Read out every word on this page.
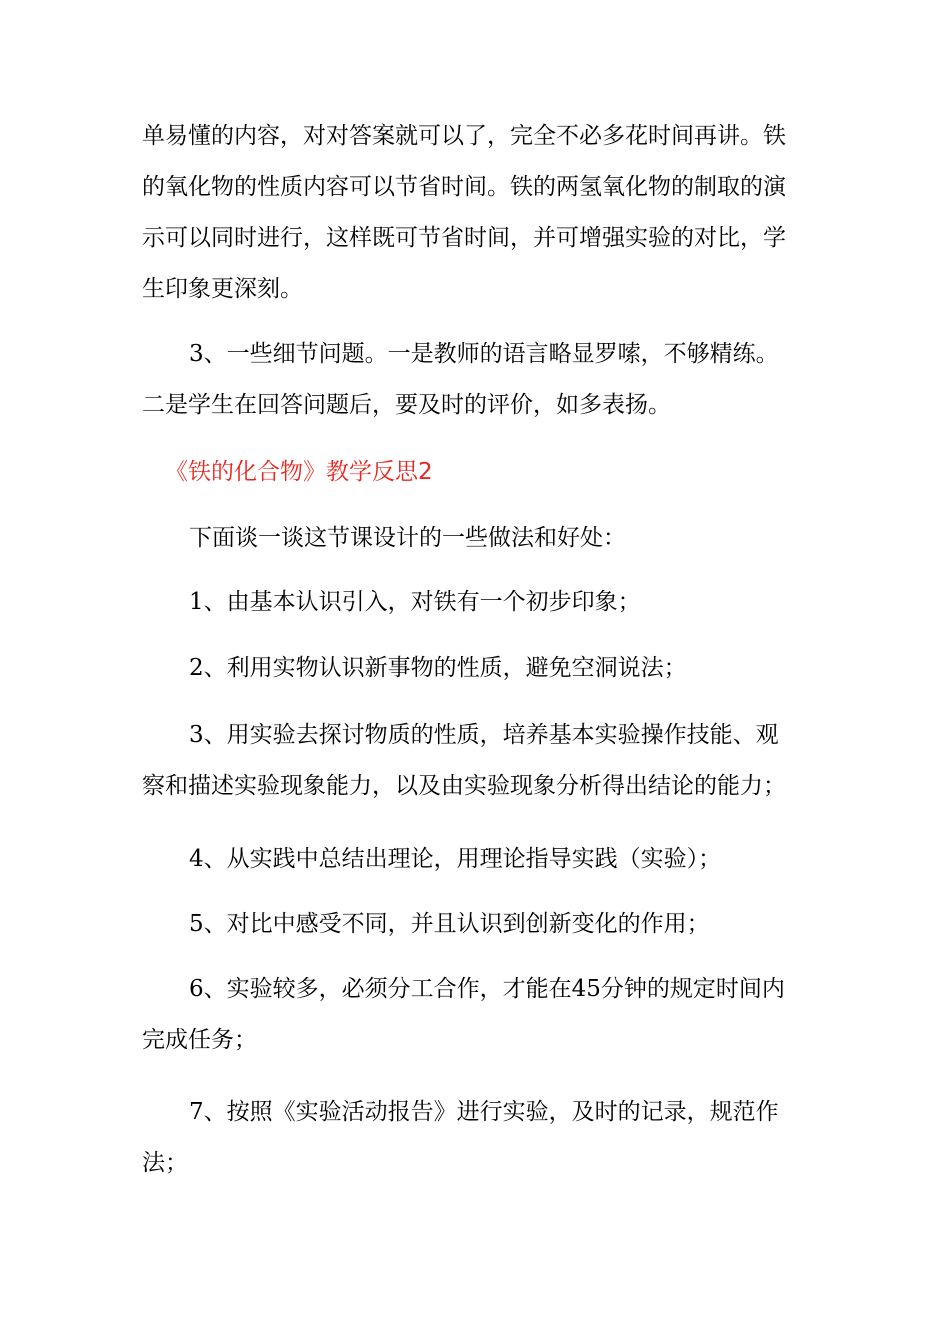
单易懂的内容，对对答案就可以了，完全不必多花时间再讲。铁
的氧化物的性质内容可以节省时间。铁的两氢氧化物的制取的演
示可以同时进行，这样既可节省时间，并可增强实验的对比，学
生印象更深刻。
3、一些细节问题。一是教师的语言略显罗嗦，不够精练。
二是学生在回答问题后，要及时的评价，如多表扬。
《铁的化合物》教学反思2
下面谈一谈这节课设计的一些做法和好处：
1、由基本认识引入，对铁有一个初步印象；
2、利用实物认识新事物的性质，避免空洞说法；
3、用实验去探讨物质的性质，培养基本实验操作技能、观
察和描述实验现象能力，以及由实验现象分析得出结论的能力；
4、从实践中总结出理论，用理论指导实践（实验）；
5、对比中感受不同，并且认识到创新变化的作用；
6、实验较多，必须分工合作，才能在45分钟的规定时间内
完成任务；
7、按照《实验活动报告》进行实验，及时的记录，规范作
法；
